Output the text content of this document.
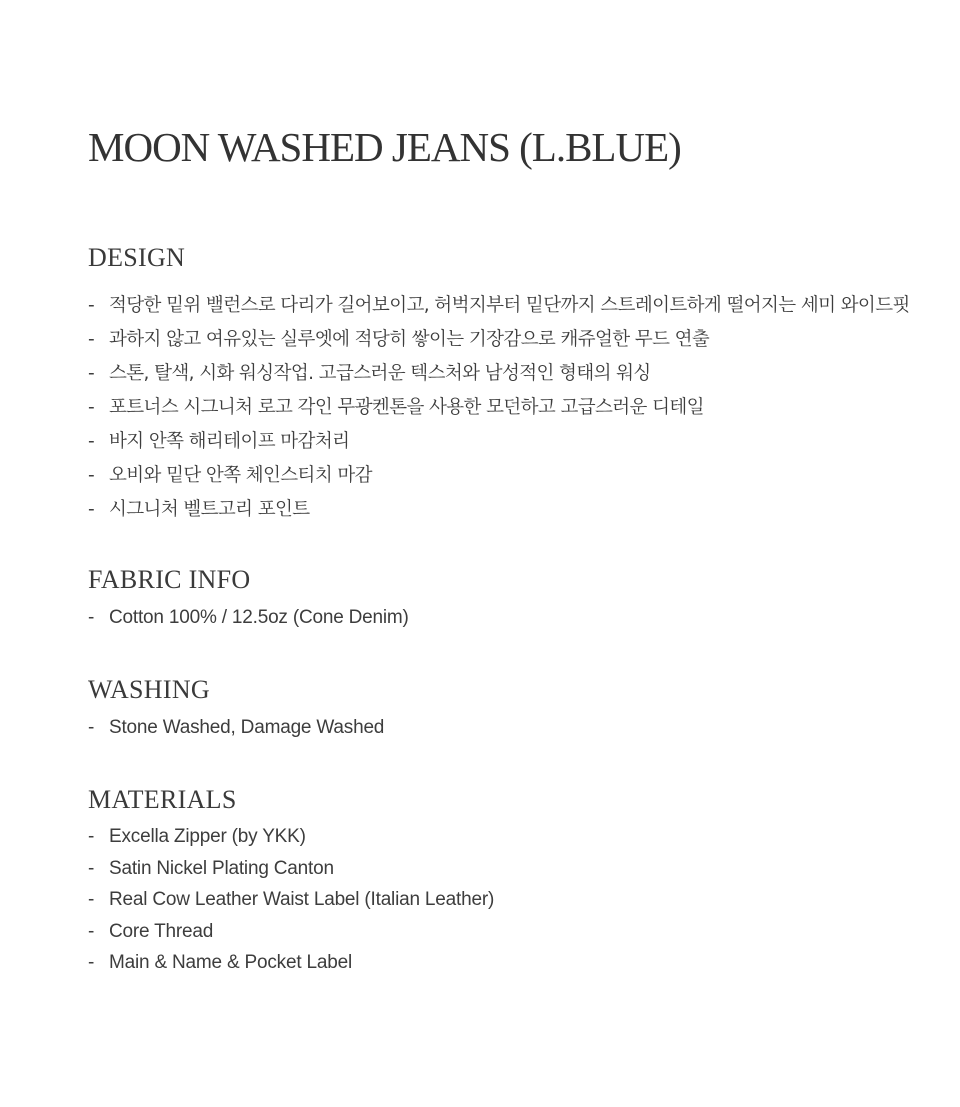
MOON WASHED JEANS (L.BLUE)
DESIGN
- 적당한 밑위 밸런스로 다리가 길어보이고, 허벅지부터 밑단까지 스트레이트하게 떨어지는 세미 와이드핏
- 과하지 않고 여유있는 실루엣에 적당히 쌓이는 기장감으로 캐쥬얼한 무드 연출
- 스톤, 탈색, 시화 워싱작업. 고급스러운 텍스처와 남성적인 형태의 워싱
- 포트너스 시그니처 로고 각인 무광켄톤을 사용한 모던하고 고급스러운 디테일
- 바지 안쪽 해리테이프 마감처리
- 오비와 밑단 안쪽 체인스티치 마감
- 시그니처 벨트고리 포인트
FABRIC INFO
- Cotton 100% / 12.5oz (Cone Denim)
WASHING
- Stone Washed, Damage Washed
MATERIALS
- Excella Zipper (by YKK)
- Satin Nickel Plating Canton
- Real Cow Leather Waist Label (Italian Leather)
- Core Thread
- Main & Name & Pocket Label
